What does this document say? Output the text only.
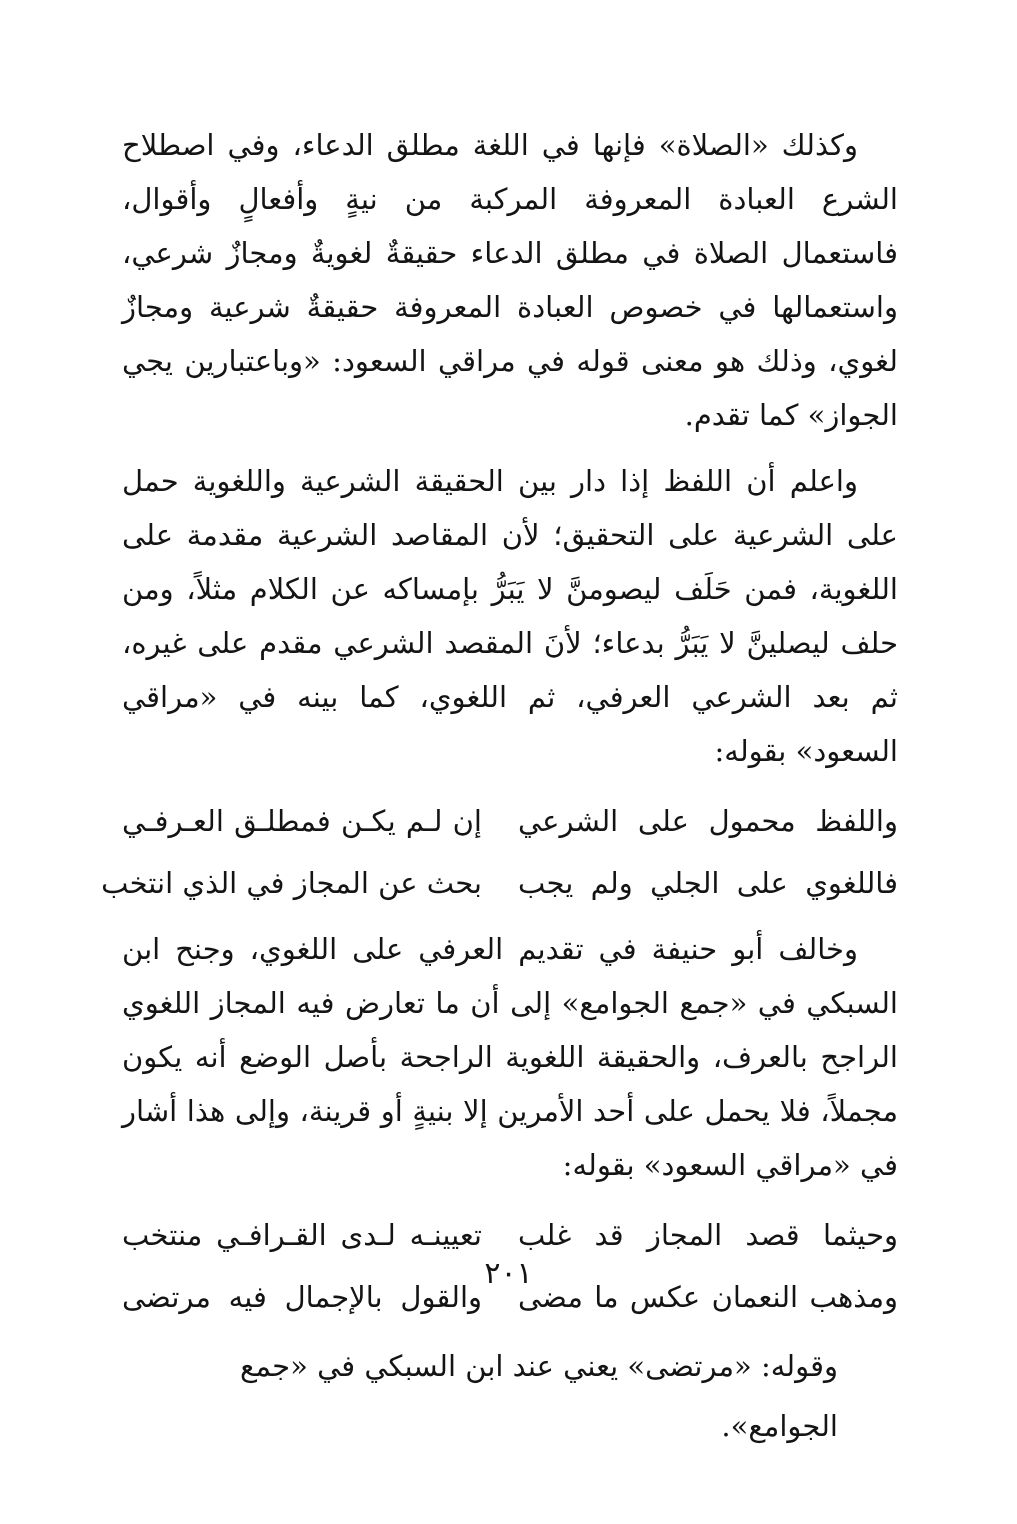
وكذلك «الصلاة» فإنها في اللغة مطلق الدعاء، وفي اصطلاح الشرع العبادة المعروفة المركبة من نيةٍ وأفعالٍ وأقوال، فاستعمال الصلاة في مطلق الدعاء حقيقةٌ لغويةٌ ومجازٌ شرعي، واستعمالها في خصوص العبادة المعروفة حقيقةٌ شرعية ومجازٌ لغوي، وذلك هو معنى قوله في مراقي السعود: «وباعتبارين يجي الجواز» كما تقدم.

واعلم أن اللفظ إذا دار بين الحقيقة الشرعية واللغوية حمل على الشرعية على التحقيق؛ لأن المقاصد الشرعية مقدمة على اللغوية، فمن حَلَف ليصومنَّ لا يَبَرُّ بإمساكه عن الكلام مثلاً، ومن حلف ليصلينَّ لا يَبَرُّ بدعاء؛ لأنَ المقصد الشرعي مقدم على غيره، ثم بعد الشرعي العرفي، ثم اللغوي، كما بينه في «مراقي السعود» بقوله:

واللفظ محمول على الشرعي
إن لـم يكـن فمطلـق العـرفـي
فاللغوي على الجلي ولم يجب
بحث عن المجاز في الذي انتخب

وخالف أبو حنيفة في تقديم العرفي على اللغوي، وجنح ابن السبكي في «جمع الجوامع» إلى أن ما تعارض فيه المجاز اللغوي الراجح بالعرف، والحقيقة اللغوية الراجحة بأصل الوضع أنه يكون مجملاً، فلا يحمل على أحد الأمرين إلا بنيةٍ أو قرينة، وإلى هذا أشار في «مراقي السعود» بقوله:

وحيثما قصد المجاز قد غلب
تعيينـه لـدى القـرافـي منتخب
ومذهب النعمان عكس ما مضى
والقول بالإجمال فيه مرتضى

وقوله: «مرتضى» يعني عند ابن السبكي في «جمع الجوامع».

٢٠١
